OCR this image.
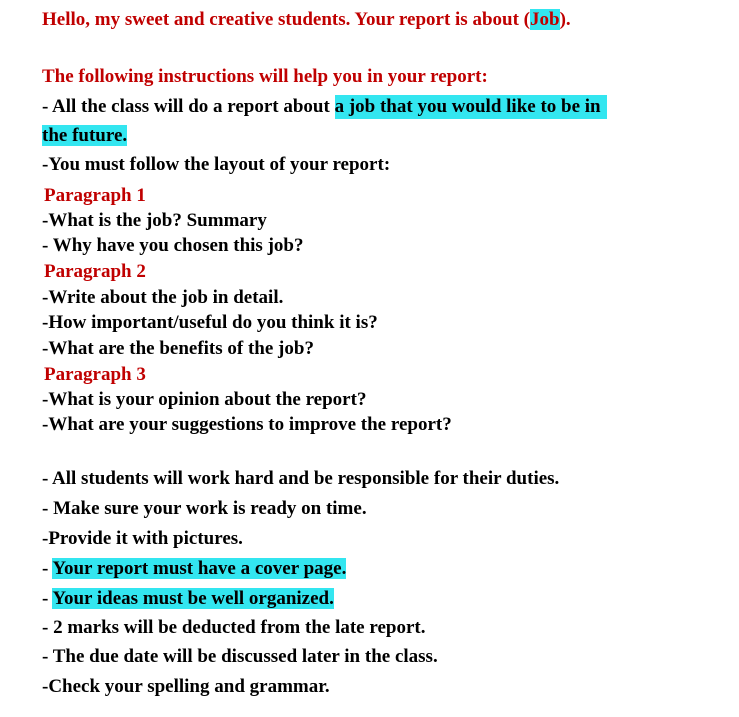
Hello, my sweet and creative students. Your report is about (Job).
The following instructions will help you in your report:
- All the class will do a report about a job that you would like to be in
the future.
-You must follow the layout of your report:
Paragraph 1
-What is the job? Summary
- Why have you chosen this job?
Paragraph 2
-Write about the job in detail.
-How important/useful do you think it is?
-What are the benefits of the job?
Paragraph 3
-What is your opinion about the report?
-What are your suggestions to improve the report?
- All students will work hard and be responsible for their duties.
- Make sure your work is ready on time.
-Provide it with pictures.
- Your report must have a cover page.
- Your ideas must be well organized.
- 2 marks will be deducted from the late report.
- The due date will be discussed later in the class.
-Check your spelling and grammar.
